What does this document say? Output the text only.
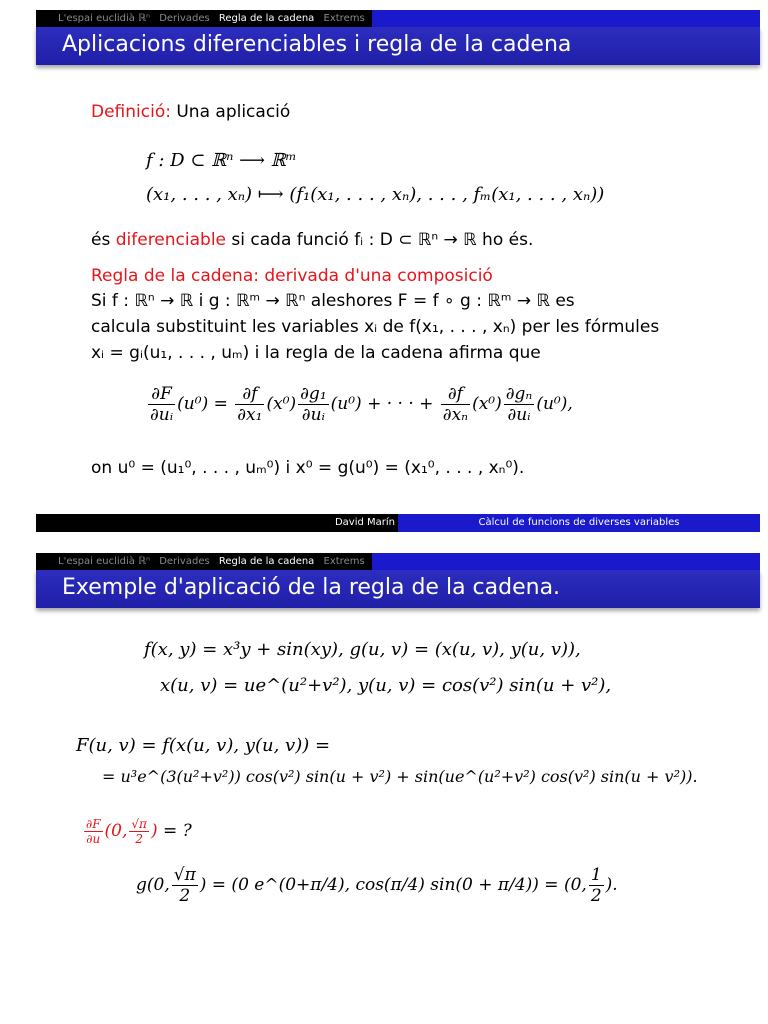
L'espai euclidià ℝⁿ Derivades Regla de la cadena Extrems
Aplicacions diferenciables i regla de la cadena
Definició: Una aplicació
f : D ⊂ ℝⁿ ⟶ ℝᵐ
(x₁, . . . , xₙ) ⟼ (f₁(x₁, . . . , xₙ), . . . , fₘ(x₁, . . . , xₙ))
és diferenciable si cada funció fᵢ : D ⊂ ℝⁿ → ℝ ho és.
Regla de la cadena: derivada d'una composició
Si f : ℝⁿ → ℝ i g : ℝᵐ → ℝⁿ aleshores F = f ∘ g : ℝᵐ → ℝ es
calcula substituint les variables xᵢ de f(x₁, . . . , xₙ) per les fórmules
xᵢ = gᵢ(u₁, . . . , uₘ) i la regla de la cadena afirma que
$\frac{\partial F}{\text{∂uᵢ}} (u^0) = \frac{\partial f}{\text{∂x₁}} (x^0) \frac{\text{∂g₁}}{\text{∂uᵢ}} (u^0)$ + · · · + $\frac{\partial f}{\text{∂xₙ}} (x^0) \frac{\text{∂gₙ}}{\text{∂uᵢ}} (u^0)$,
on u⁰ = (u₁⁰, . . . , uₘ⁰) i x⁰ = g(u⁰) = (x₁⁰, . . . , xₙ⁰).
David Marín	Càlcul de funcions de diverses variables
L'espai euclidià ℝⁿ Derivades Regla de la cadena Extrems
Exemple d'aplicació de la regla de la cadena.
f(x, y) = x³y + sin(xy), g(u, v) = (x(u, v), y(u, v)),
x(u, v) = ue^(u²+v²), y(u, v) = cos(v²) sin(u + v²),
F(u, v) = f(x(u, v), y(u, v)) =
= u³e^(3(u²+v²)) cos(v²) sin(u + v²) + sin(ue^(u²+v²) cos(v²) sin(u + v²)).
$\frac{\partial F}{\partial u} (0$, $\frac{√\pi}{2}$ ) = ?
g(0, $\frac{√\pi}{2}$ ) = (0 e^(0+π/4), cos(π/4) sin(0 + π/4)) = (0, $\frac{1}{2}$ ).
